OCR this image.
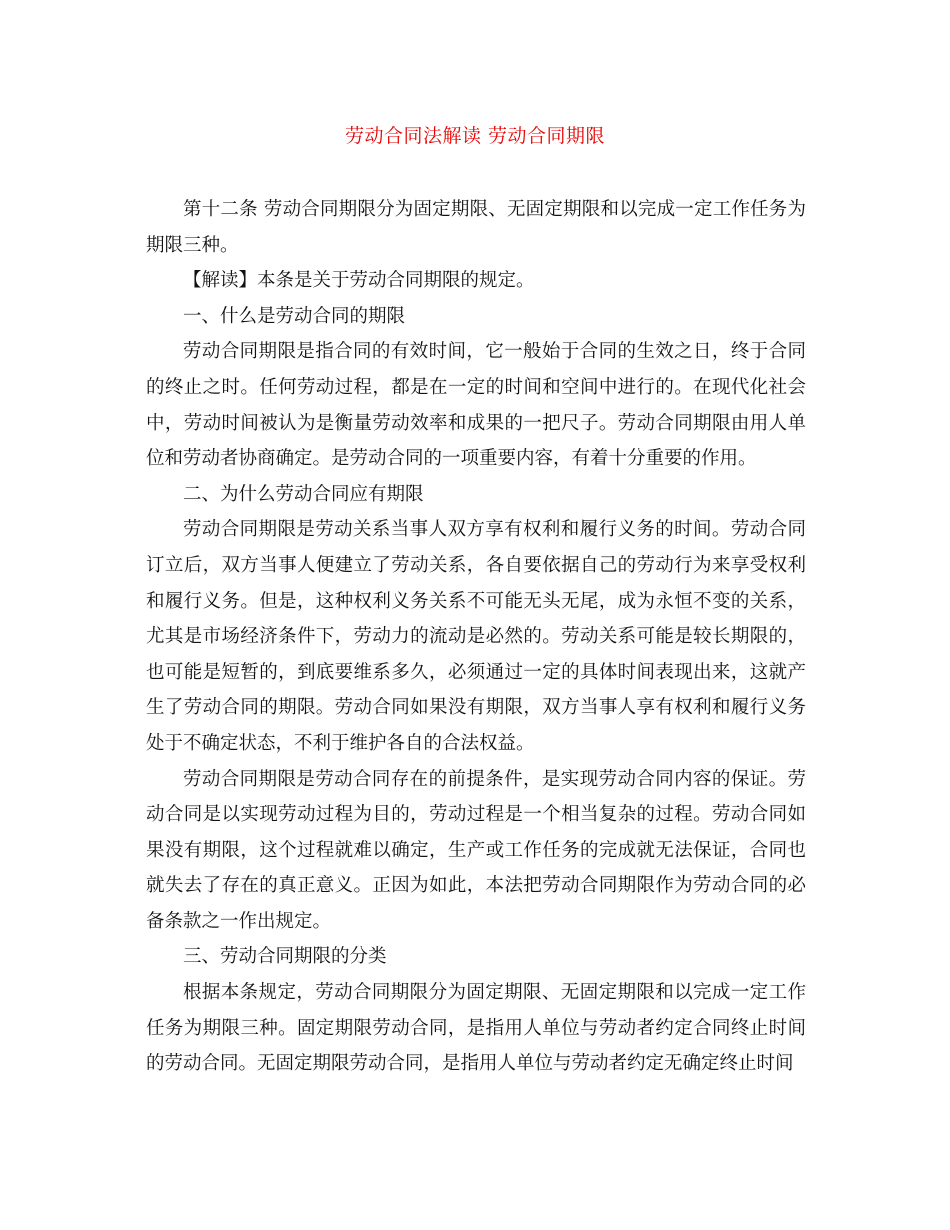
劳动合同法解读 劳动合同期限

第十二条 劳动合同期限分为固定期限、无固定期限和以完成一定工作任务为期限三种。

【解读】本条是关于劳动合同期限的规定。

一、什么是劳动合同的期限

劳动合同期限是指合同的有效时间，它一般始于合同的生效之日，终于合同的终止之时。任何劳动过程，都是在一定的时间和空间中进行的。在现代化社会中，劳动时间被认为是衡量劳动效率和成果的一把尺子。劳动合同期限由用人单位和劳动者协商确定。是劳动合同的一项重要内容，有着十分重要的作用。

二、为什么劳动合同应有期限

劳动合同期限是劳动关系当事人双方享有权利和履行义务的时间。劳动合同订立后，双方当事人便建立了劳动关系，各自要依据自己的劳动行为来享受权利和履行义务。但是，这种权利义务关系不可能无头无尾，成为永恒不变的关系，尤其是市场经济条件下，劳动力的流动是必然的。劳动关系可能是较长期限的，也可能是短暂的，到底要维系多久，必须通过一定的具体时间表现出来，这就产生了劳动合同的期限。劳动合同如果没有期限，双方当事人享有权利和履行义务处于不确定状态，不利于维护各自的合法权益。

劳动合同期限是劳动合同存在的前提条件，是实现劳动合同内容的保证。劳动合同是以实现劳动过程为目的，劳动过程是一个相当复杂的过程。劳动合同如果没有期限，这个过程就难以确定，生产或工作任务的完成就无法保证，合同也就失去了存在的真正意义。正因为如此，本法把劳动合同期限作为劳动合同的必备条款之一作出规定。

三、劳动合同期限的分类

根据本条规定，劳动合同期限分为固定期限、无固定期限和以完成一定工作任务为期限三种。固定期限劳动合同，是指用人单位与劳动者约定合同终止时间的劳动合同。无固定期限劳动合同，是指用人单位与劳动者约定无确定终止时间
